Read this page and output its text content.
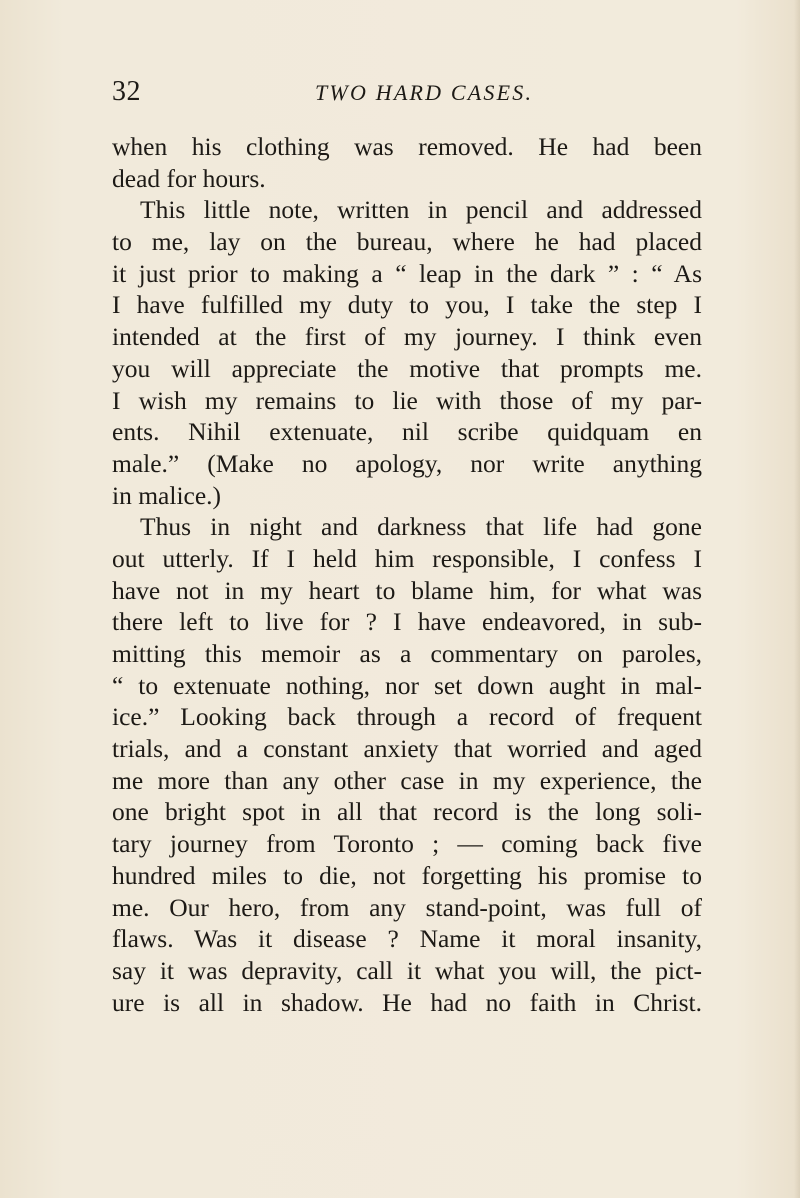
32	TWO HARD CASES.
when his clothing was removed. He had been
dead for hours.
This little note, written in pencil and addressed
to me, lay on the bureau, where he had placed
it just prior to making a “ leap in the dark ” : “ As
I have fulfilled my duty to you, I take the step I
intended at the first of my journey. I think even
you will appreciate the motive that prompts me.
I wish my remains to lie with those of my par-
ents. Nihil extenuate, nil scribe quidquam en
male.” (Make no apology, nor write anything
in malice.)
Thus in night and darkness that life had gone
out utterly. If I held him responsible, I confess I
have not in my heart to blame him, for what was
there left to live for ? I have endeavored, in sub-
mitting this memoir as a commentary on paroles,
“ to extenuate nothing, nor set down aught in mal-
ice.” Looking back through a record of frequent
trials, and a constant anxiety that worried and aged
me more than any other case in my experience, the
one bright spot in all that record is the long soli-
tary journey from Toronto ; — coming back five
hundred miles to die, not forgetting his promise to
me. Our hero, from any stand-point, was full of
flaws. Was it disease ? Name it moral insanity,
say it was depravity, call it what you will, the pict-
ure is all in shadow. He had no faith in Christ.
